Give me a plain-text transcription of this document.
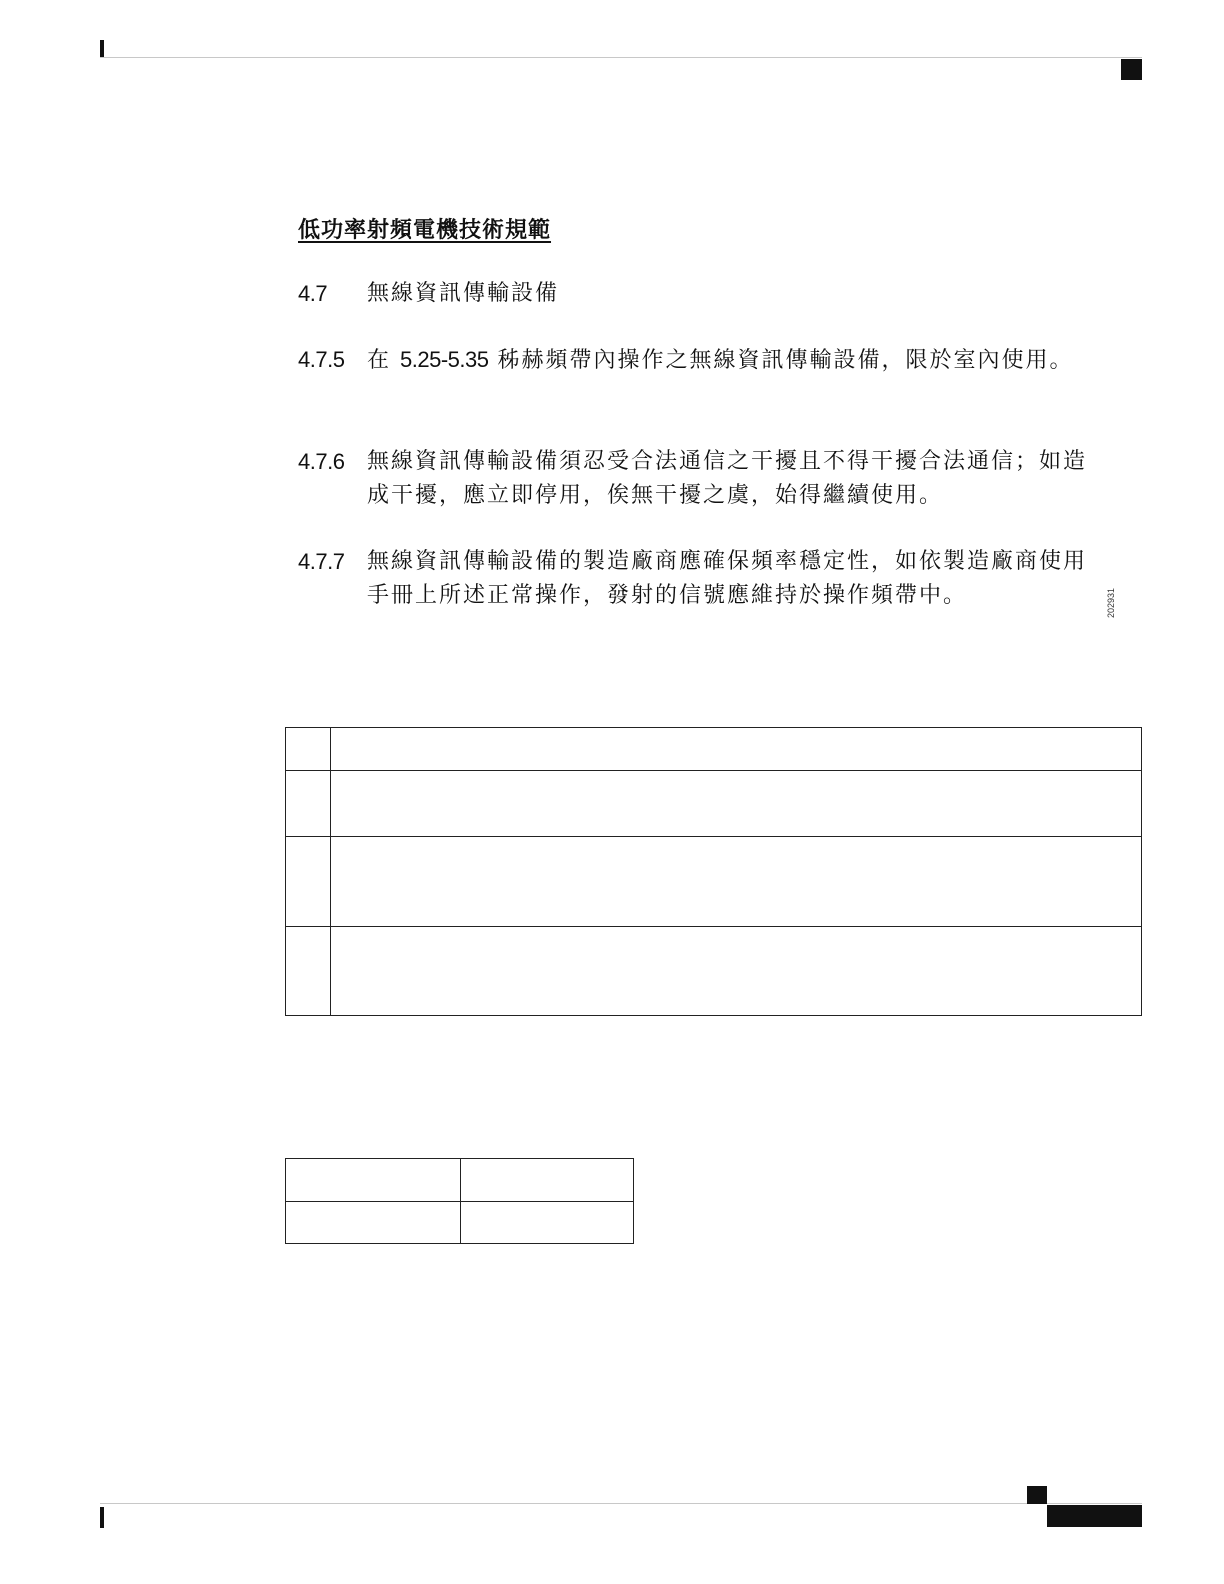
低功率射頻電機技術規範
4.7 無線資訊傳輸設備
4.7.5 在 5.25-5.35 秭赫頻帶內操作之無線資訊傳輸設備，限於室內使用。
4.7.6 無線資訊傳輸設備須忍受合法通信之干擾且不得干擾合法通信；如造成干擾，應立即停用，俟無干擾之虞，始得繼續使用。
4.7.7 無線資訊傳輸設備的製造廠商應確保頻率穩定性，如依製造廠商使用手冊上所述正常操作，發射的信號應維持於操作頻帶中。	202931
